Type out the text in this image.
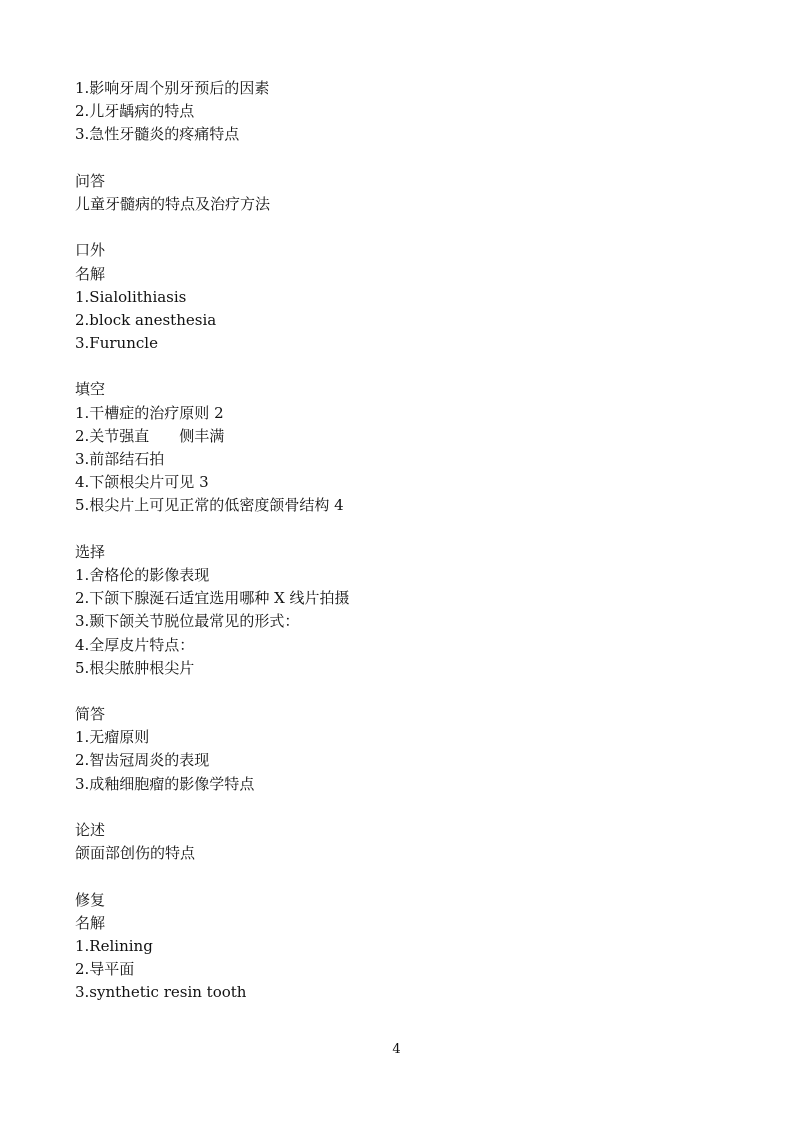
1.影响牙周个别牙预后的因素
2.儿牙龋病的特点
3.急性牙髓炎的疼痛特点
问答
儿童牙髓病的特点及治疗方法
口外
名解
1.Sialolithiasis
2.block anesthesia
3.Furuncle
填空
1.干槽症的治疗原则 2
2.关节强直　　侧丰满
3.前部结石拍
4.下颌根尖片可见 3
5.根尖片上可见正常的低密度颌骨结构 4
选择
1.舍格伦的影像表现
2.下颌下腺涎石适宜选用哪种 X 线片拍摄
3.颞下颌关节脱位最常见的形式：
4.全厚皮片特点：
5.根尖脓肿根尖片
简答
1.无瘤原则
2.智齿冠周炎的表现
3.成釉细胞瘤的影像学特点
论述
颌面部创伤的特点
修复
名解
1.Relining
2.导平面
3.synthetic resin tooth
4
